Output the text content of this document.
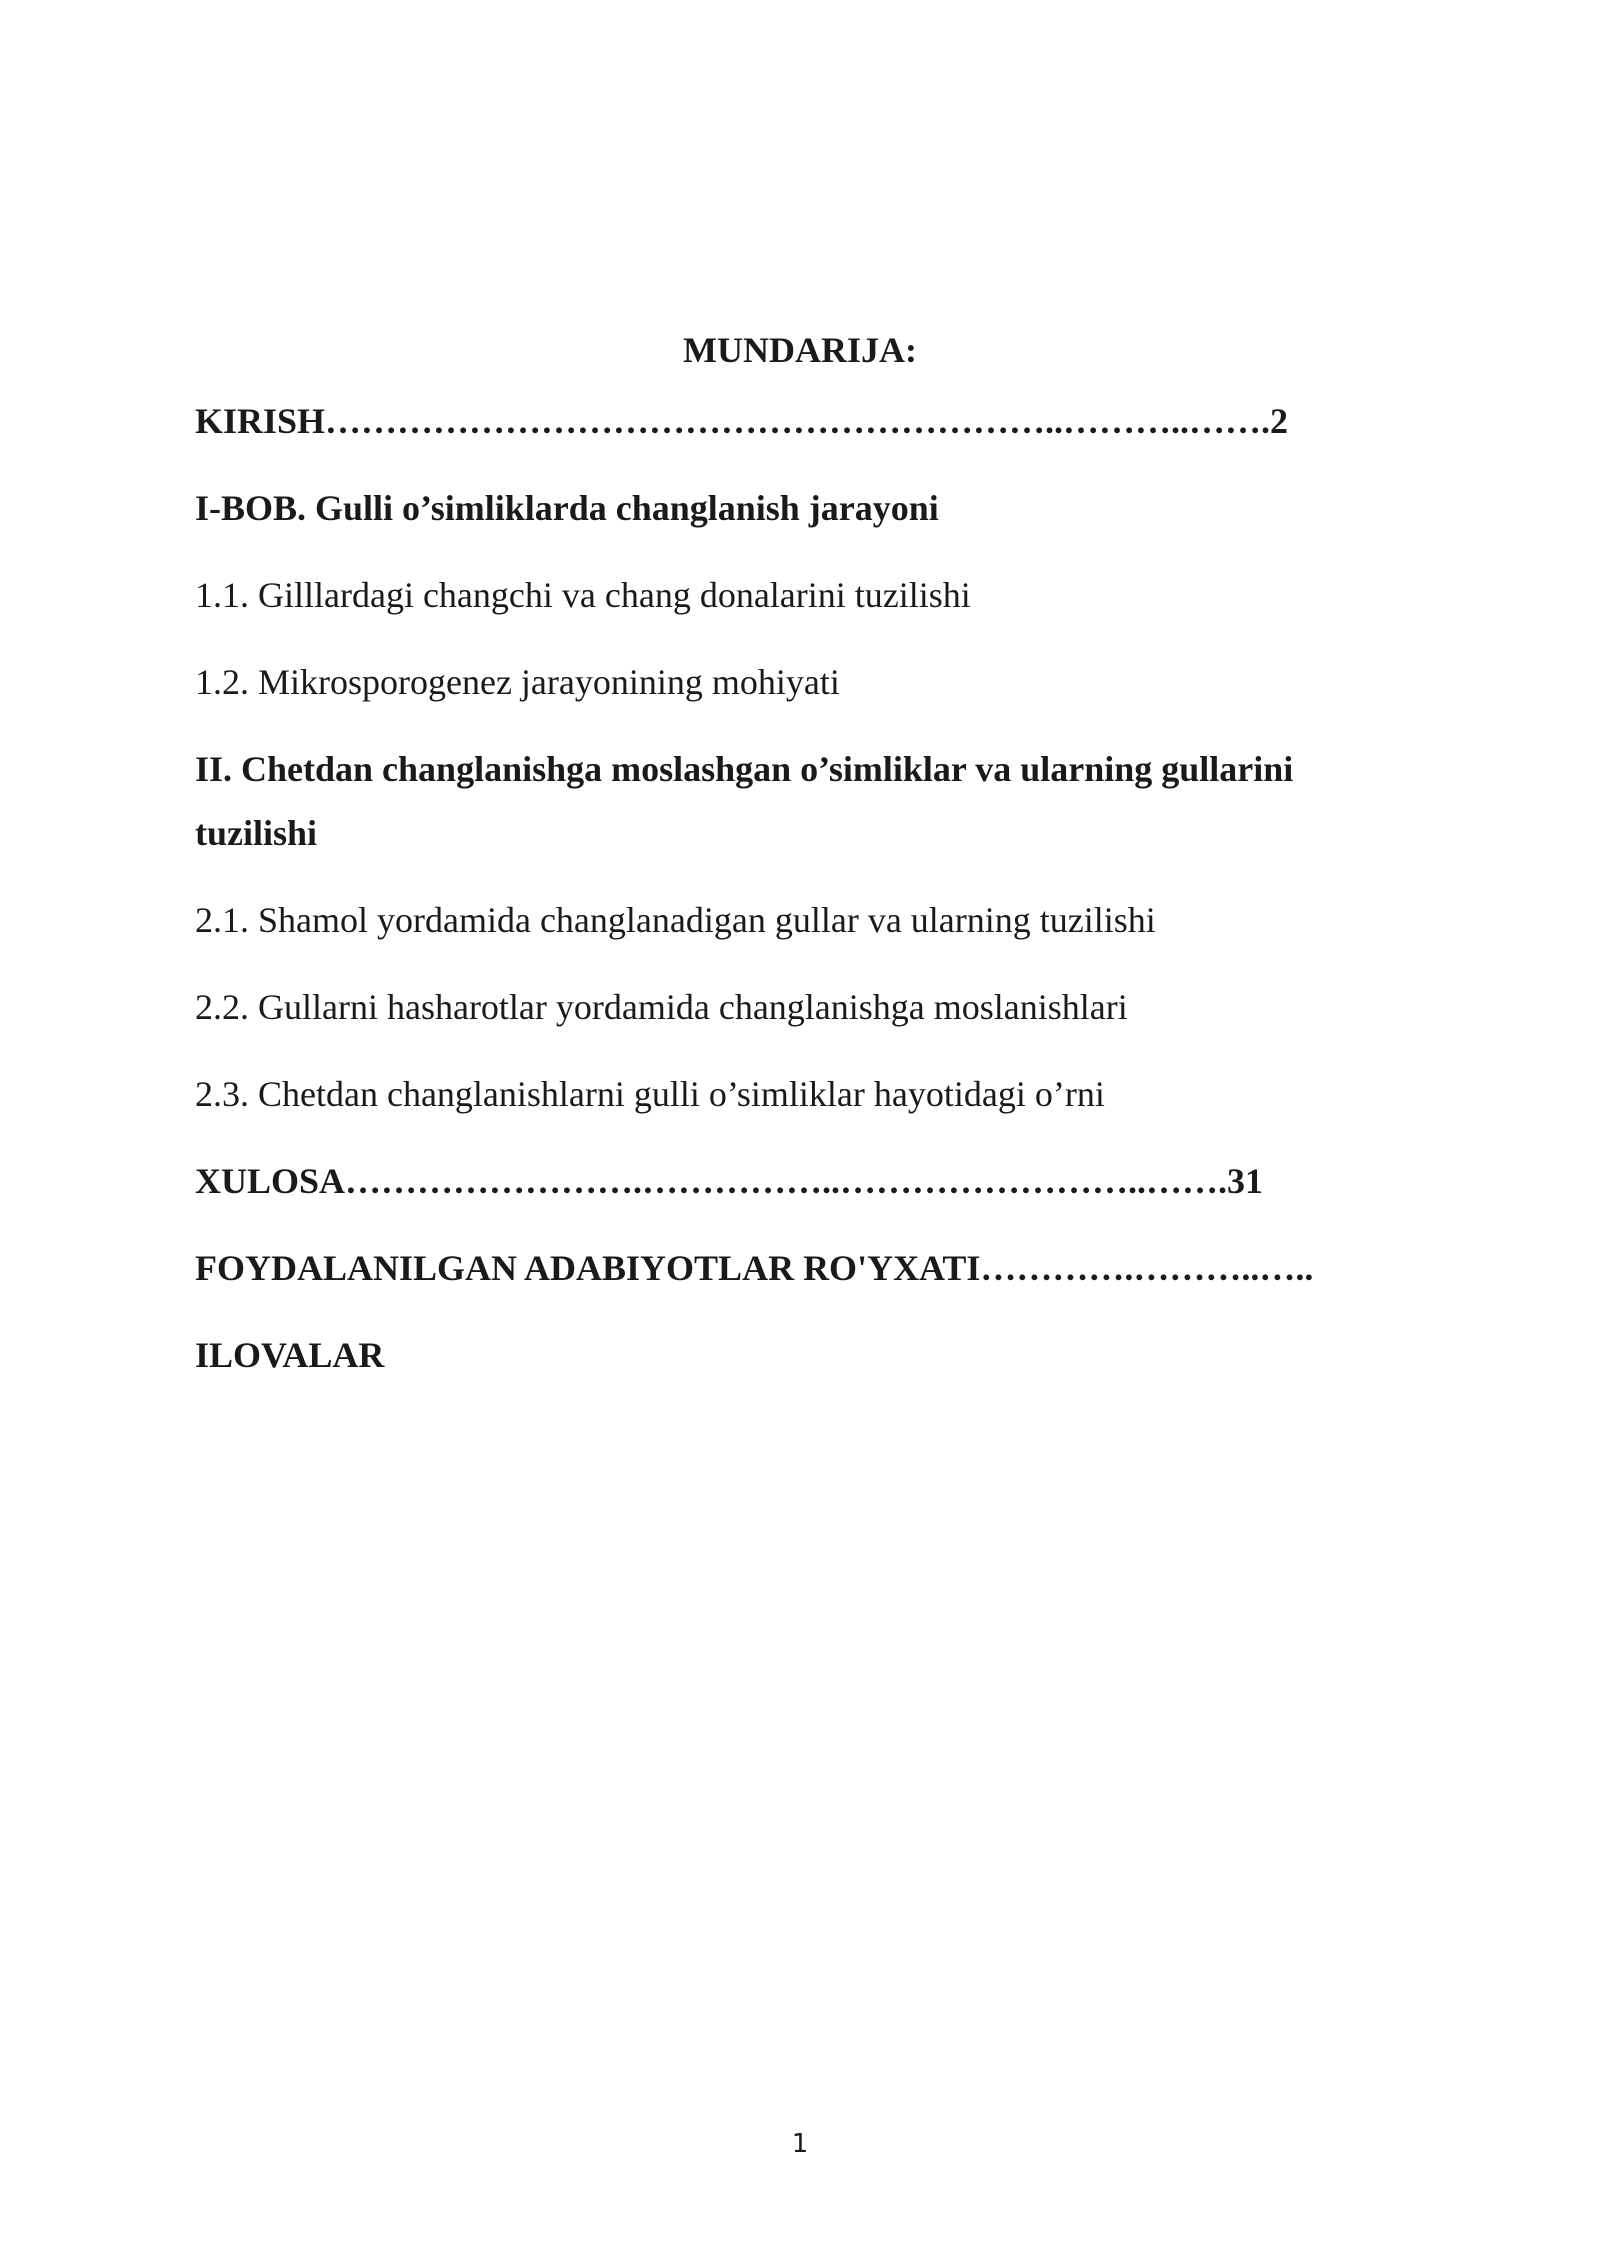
MUNDARIJA:
KIRISH……………………………………………………..………..…….2
I-BOB. Gulli o’simliklarda changlanish jarayoni
1.1. Gilllardagi changchi va chang donalarini tuzilishi
1.2. Mikrosporogenez jarayonining mohiyati
II. Chetdan changlanishga moslashgan o’simliklar va ularning gullarini tuzilishi
2.1. Shamol yordamida changlanadigan gullar va ularning tuzilishi
2.2. Gullarni hasharotlar yordamida changlanishga moslanishlari
2.3. Chetdan changlanishlarni gulli o’simliklar hayotidagi o’rni
XULOSA…………………….……………..……………………..…….31
FOYDALANILGAN ADABIYOTLAR RO'YXATI………….………..…..
ILOVALAR
1
